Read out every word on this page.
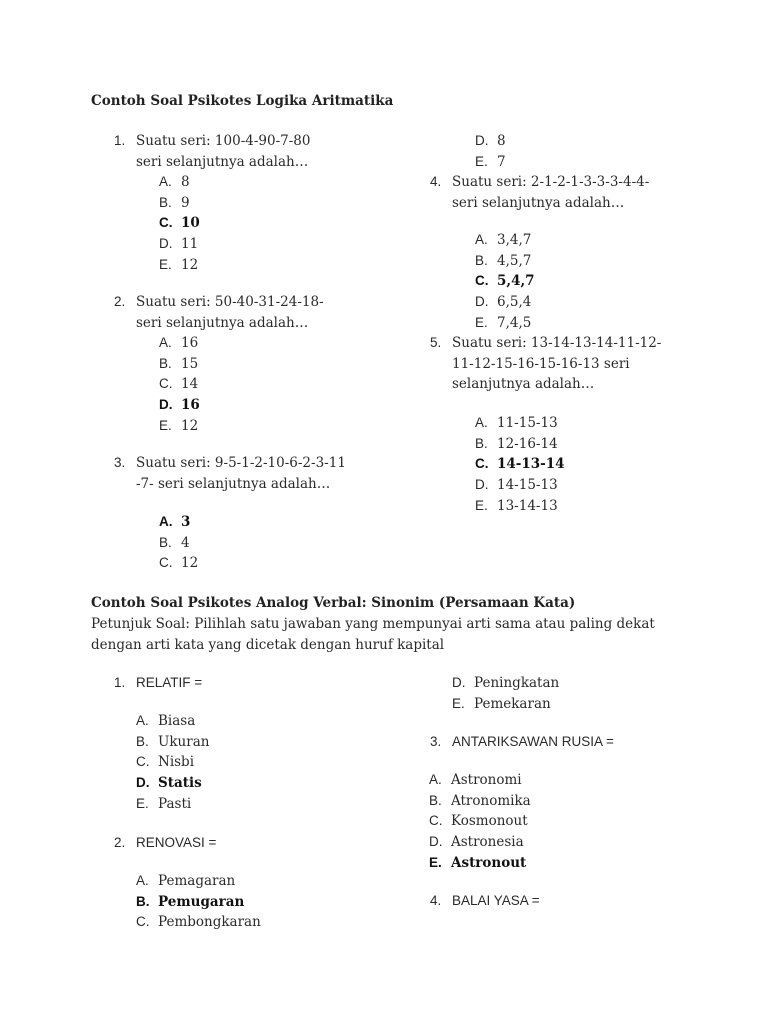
Contoh Soal Psikotes Logika Aritmatika
1. Suatu seri: 100-4-90-7-80 seri selanjutnya adalah…
A. 8
B. 9
C. 10
D. 11
E. 12
2. Suatu seri: 50-40-31-24-18- seri selanjutnya adalah…
A. 16
B. 15
C. 14
D. 16
E. 12
3. Suatu seri: 9-5-1-2-10-6-2-3-11 -7- seri selanjutnya adalah…
A. 3
B. 4
C. 12
D. 8
E. 7
4. Suatu seri: 2-1-2-1-3-3-3-4-4- seri selanjutnya adalah…
A. 3,4,7
B. 4,5,7
C. 5,4,7
D. 6,5,4
E. 7,4,5
5. Suatu seri: 13-14-13-14-11-12-11-12-15-16-15-16-13 seri selanjutnya adalah…
A. 11-15-13
B. 12-16-14
C. 14-13-14
D. 14-15-13
E. 13-14-13
Contoh Soal Psikotes Analog Verbal: Sinonim (Persamaan Kata)
Petunjuk Soal: Pilihlah satu jawaban yang mempunyai arti sama atau paling dekat dengan arti kata yang dicetak dengan huruf kapital
1. RELATIF =
A. Biasa
B. Ukuran
C. Nisbi
D. Statis
E. Pasti
2. RENOVASI =
A. Pemagaran
B. Pemugaran
C. Pembongkaran
D. Peningkatan
E. Pemekaran
3. ANTARIKSAWAN RUSIA =
A. Astronomi
B. Atronomika
C. Kosmonout
D. Astronesia
E. Astronout
4. BALAI YASA =
